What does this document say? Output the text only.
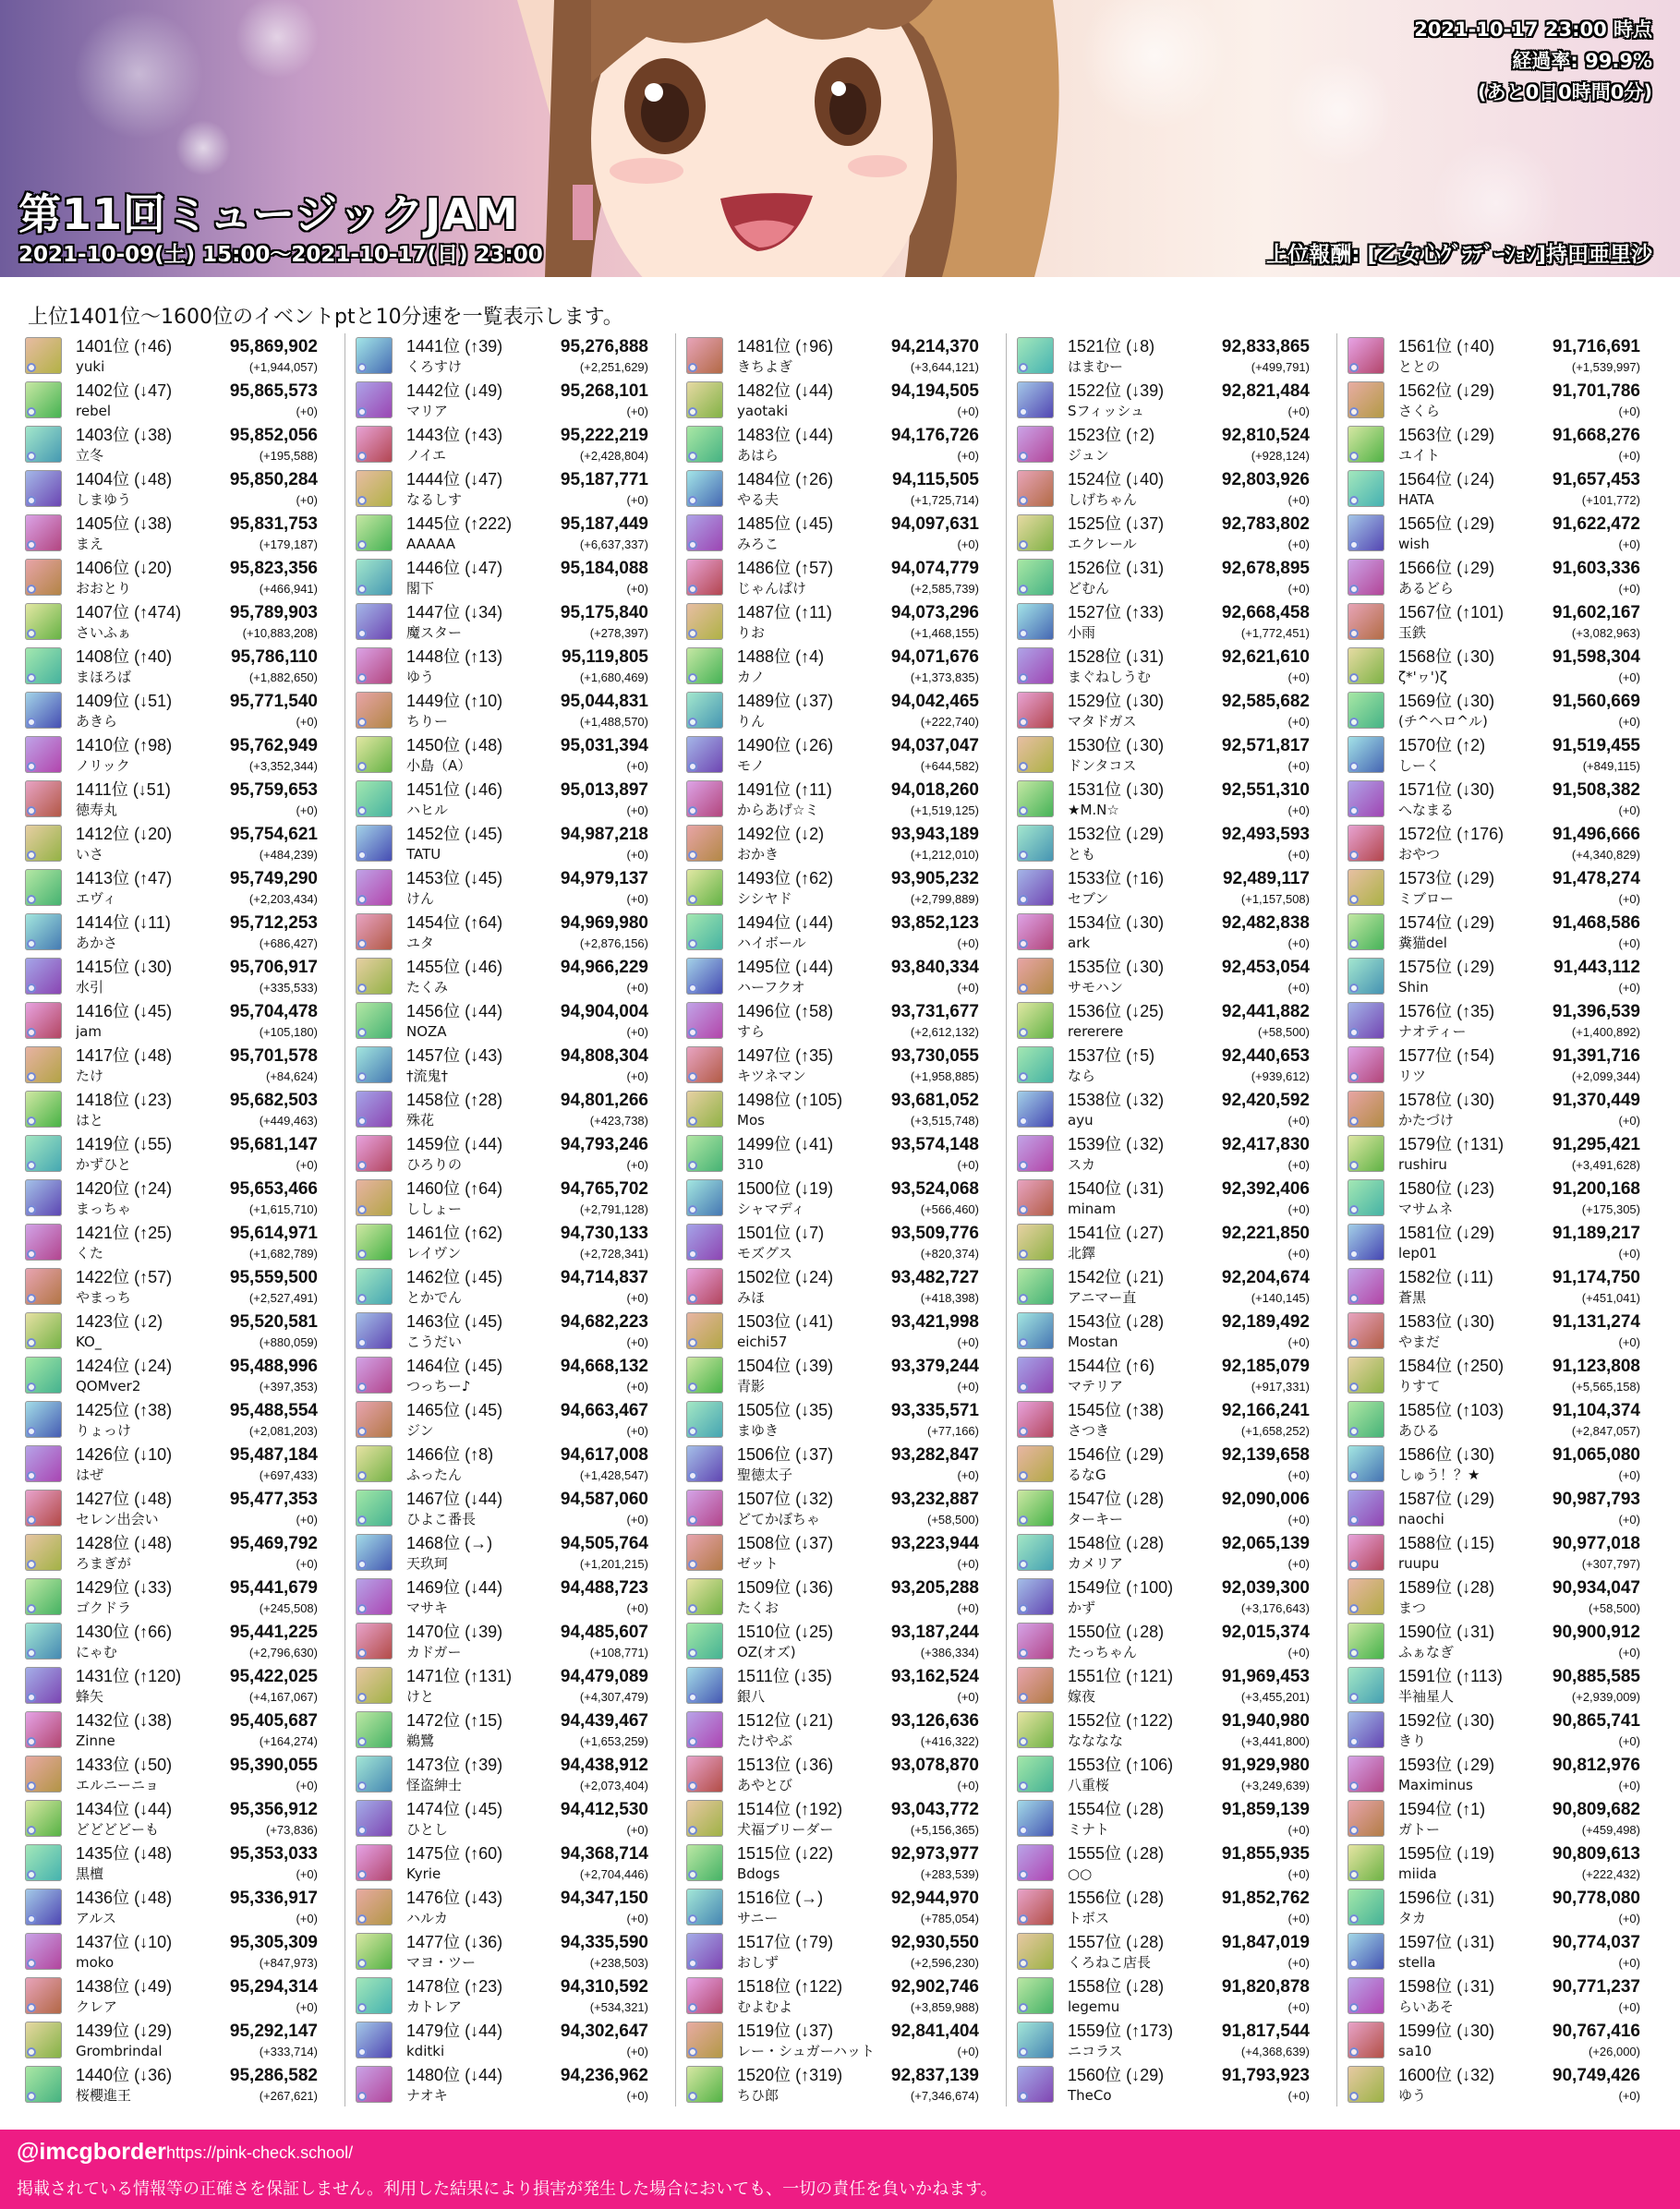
2021-10-17 23:00 時点
経過率: 99.9%
(あと0日0時間0分)
第11回ミュージックJAM
2021-10-09(土) 15:00～2021-10-17(日) 23:00	上位報酬: [乙女心ｸﾞﾗﾃﾞｰｼｮﾝ]持田亜里沙
上位1401位～1600位のイベントptと10分速を一覧表示します。
1401位 (↑46)	95,869,902
yuki	(+1,944,057)
1402位 (↓47)	95,865,573
rebel	(+0)
1403位 (↓38)	95,852,056
立冬	(+195,588)
1404位 (↓48)	95,850,284
しまゆう	(+0)
1405位 (↓38)	95,831,753
まえ	(+179,187)
1406位 (↓20)	95,823,356
おおとり	(+466,941)
1407位 (↑474)	95,789,903
さいふぁ	(+10,883,208)
1408位 (↑40)	95,786,110
まほろば	(+1,882,650)
1409位 (↓51)	95,771,540
あきら	(+0)
1410位 (↑98)	95,762,949
ノリック	(+3,352,344)
1411位 (↓51)	95,759,653
徳寿丸	(+0)
1412位 (↓20)	95,754,621
いさ	(+484,239)
1413位 (↑47)	95,749,290
エヴィ	(+2,203,434)
1414位 (↓11)	95,712,253
あかさ	(+686,427)
1415位 (↓30)	95,706,917
水引	(+335,533)
1416位 (↓45)	95,704,478
jam	(+105,180)
1417位 (↓48)	95,701,578
たけ	(+84,624)
1418位 (↓23)	95,682,503
はと	(+449,463)
1419位 (↓55)	95,681,147
かずひと	(+0)
1420位 (↑24)	95,653,466
まっちゃ	(+1,615,710)
1421位 (↑25)	95,614,971
くた	(+1,682,789)
1422位 (↑57)	95,559,500
やまっち	(+2,527,491)
1423位 (↓2)	95,520,581
KO_	(+880,059)
1424位 (↓24)	95,488,996
QOMver2	(+397,353)
1425位 (↑38)	95,488,554
りょっけ	(+2,081,203)
1426位 (↓10)	95,487,184
はぜ	(+697,433)
1427位 (↓48)	95,477,353
セレン出会い	(+0)
1428位 (↓48)	95,469,792
ろまぎが	(+0)
1429位 (↓33)	95,441,679
ゴクドラ	(+245,508)
1430位 (↑66)	95,441,225
にゃむ	(+2,796,630)
1431位 (↑120)	95,422,025
蜂矢	(+4,167,067)
1432位 (↓38)	95,405,687
Zinne	(+164,274)
1433位 (↓50)	95,390,055
エルニーニョ	(+0)
1434位 (↓44)	95,356,912
どどどどーも	(+73,836)
1435位 (↓48)	95,353,033
黒檀	(+0)
1436位 (↓48)	95,336,917
アルス	(+0)
1437位 (↓10)	95,305,309
moko	(+847,973)
1438位 (↓49)	95,294,314
クレア	(+0)
1439位 (↓29)	95,292,147
Grombrindal	(+333,714)
1440位 (↓36)	95,286,582
桜櫻進王	(+267,621)
1441位 (↑39)	95,276,888
くろすけ	(+2,251,629)
1442位 (↓49)	95,268,101
マリア	(+0)
1443位 (↑43)	95,222,219
ノイエ	(+2,428,804)
1444位 (↓47)	95,187,771
なるしす	(+0)
1445位 (↑222)	95,187,449
AAAAA	(+6,637,337)
1446位 (↓47)	95,184,088
閣下	(+0)
1447位 (↓34)	95,175,840
魔スター	(+278,397)
1448位 (↑13)	95,119,805
ゆう	(+1,680,469)
1449位 (↑10)	95,044,831
ちりー	(+1,488,570)
1450位 (↓48)	95,031,394
小島（A）	(+0)
1451位 (↓46)	95,013,897
ハヒル	(+0)
1452位 (↓45)	94,987,218
TATU	(+0)
1453位 (↓45)	94,979,137
けん	(+0)
1454位 (↑64)	94,969,980
ユタ	(+2,876,156)
1455位 (↓46)	94,966,229
たくみ	(+0)
1456位 (↓44)	94,904,004
NOZA	(+0)
1457位 (↓43)	94,808,304
†流鬼†	(+0)
1458位 (↑28)	94,801,266
殊花	(+423,738)
1459位 (↓44)	94,793,246
ひろりの	(+0)
1460位 (↑64)	94,765,702
ししょー	(+2,791,128)
1461位 (↑62)	94,730,133
レイヴン	(+2,728,341)
1462位 (↓45)	94,714,837
とかでん	(+0)
1463位 (↓45)	94,682,223
こうだい	(+0)
1464位 (↓45)	94,668,132
つっちー♪	(+0)
1465位 (↓45)	94,663,467
ジン	(+0)
1466位 (↑8)	94,617,008
ふったん	(+1,428,547)
1467位 (↓44)	94,587,060
ひよこ番長	(+0)
1468位 (→)	94,505,764
天玖珂	(+1,201,215)
1469位 (↓44)	94,488,723
マサキ	(+0)
1470位 (↓39)	94,485,607
カドガー	(+108,771)
1471位 (↑131)	94,479,089
けと	(+4,307,479)
1472位 (↑15)	94,439,467
鵜鷺	(+1,653,259)
1473位 (↑39)	94,438,912
怪盗紳士	(+2,073,404)
1474位 (↓45)	94,412,530
ひとし	(+0)
1475位 (↑60)	94,368,714
Kyrie	(+2,704,446)
1476位 (↓43)	94,347,150
ハルカ	(+0)
1477位 (↓36)	94,335,590
マヨ・ツー	(+238,503)
1478位 (↑23)	94,310,592
カトレア	(+534,321)
1479位 (↓44)	94,302,647
kditki	(+0)
1480位 (↓44)	94,236,962
ナオキ	(+0)
1481位 (↑96)	94,214,370
きちよぎ	(+3,644,121)
1482位 (↓44)	94,194,505
yaotaki	(+0)
1483位 (↓44)	94,176,726
あはら	(+0)
1484位 (↑26)	94,115,505
やる夫	(+1,725,714)
1485位 (↓45)	94,097,631
みろこ	(+0)
1486位 (↑57)	94,074,779
じゃんぱけ	(+2,585,739)
1487位 (↑11)	94,073,296
りお	(+1,468,155)
1488位 (↑4)	94,071,676
カノ	(+1,373,835)
1489位 (↓37)	94,042,465
りん	(+222,740)
1490位 (↓26)	94,037,047
モノ	(+644,582)
1491位 (↑11)	94,018,260
からあげ☆ミ	(+1,519,125)
1492位 (↓2)	93,943,189
おかき	(+1,212,010)
1493位 (↑62)	93,905,232
シシヤド	(+2,799,889)
1494位 (↓44)	93,852,123
ハイボール	(+0)
1495位 (↓44)	93,840,334
ハーフクオ	(+0)
1496位 (↑58)	93,731,677
すら	(+2,612,132)
1497位 (↑35)	93,730,055
キツネマン	(+1,958,885)
1498位 (↑105)	93,681,052
Mos	(+3,515,748)
1499位 (↓41)	93,574,148
310	(+0)
1500位 (↓19)	93,524,068
シャマディ	(+566,460)
1501位 (↓7)	93,509,776
モズグス	(+820,374)
1502位 (↓24)	93,482,727
みほ	(+418,398)
1503位 (↓41)	93,421,998
eichi57	(+0)
1504位 (↓39)	93,379,244
青影	(+0)
1505位 (↓35)	93,335,571
まゆき	(+77,166)
1506位 (↓37)	93,282,847
聖徳太子	(+0)
1507位 (↓32)	93,232,887
どてかぼちゃ	(+58,500)
1508位 (↓37)	93,223,944
ゼット	(+0)
1509位 (↓36)	93,205,288
たくお	(+0)
1510位 (↓25)	93,187,244
OZ(オズ)	(+386,334)
1511位 (↓35)	93,162,524
銀八	(+0)
1512位 (↓21)	93,126,636
たけやぶ	(+416,322)
1513位 (↓36)	93,078,870
あやとび	(+0)
1514位 (↑192)	93,043,772
犬福ブリーダー	(+5,156,365)
1515位 (↓22)	92,973,977
Bdogs	(+283,539)
1516位 (→)	92,944,970
サニー	(+785,054)
1517位 (↑79)	92,930,550
おしず	(+2,596,230)
1518位 (↑122)	92,902,746
むよむよ	(+3,859,988)
1519位 (↓37)	92,841,404
レー・シュガーハット	(+0)
1520位 (↑319)	92,837,139
ちひ郎	(+7,346,674)
1521位 (↓8)	92,833,865
はまむー	(+499,791)
1522位 (↓39)	92,821,484
Sフィッシュ	(+0)
1523位 (↑2)	92,810,524
ジュン	(+928,124)
1524位 (↓40)	92,803,926
しげちゃん	(+0)
1525位 (↓37)	92,783,802
エクレール	(+0)
1526位 (↓31)	92,678,895
どむん	(+0)
1527位 (↑33)	92,668,458
小雨	(+1,772,451)
1528位 (↓31)	92,621,610
まぐねしうむ	(+0)
1529位 (↓30)	92,585,682
マタドガス	(+0)
1530位 (↓30)	92,571,817
ドンタコス	(+0)
1531位 (↓30)	92,551,310
★M.N☆	(+0)
1532位 (↓29)	92,493,593
とも	(+0)
1533位 (↑16)	92,489,117
セブン	(+1,157,508)
1534位 (↓30)	92,482,838
ark	(+0)
1535位 (↓30)	92,453,054
サモハン	(+0)
1536位 (↓25)	92,441,882
rererere	(+58,500)
1537位 (↑5)	92,440,653
なら	(+939,612)
1538位 (↓32)	92,420,592
ayu	(+0)
1539位 (↓32)	92,417,830
スカ	(+0)
1540位 (↓31)	92,392,406
minam	(+0)
1541位 (↓27)	92,221,850
北鐸	(+0)
1542位 (↓21)	92,204,674
アニマー直	(+140,145)
1543位 (↓28)	92,189,492
Mostan	(+0)
1544位 (↑6)	92,185,079
マテリア	(+917,331)
1545位 (↑38)	92,166,241
さつき	(+1,658,252)
1546位 (↓29)	92,139,658
るなG	(+0)
1547位 (↓28)	92,090,006
ターキー	(+0)
1548位 (↓28)	92,065,139
カメリア	(+0)
1549位 (↑100)	92,039,300
かず	(+3,176,643)
1550位 (↓28)	92,015,374
たっちゃん	(+0)
1551位 (↑121)	91,969,453
嫁夜	(+3,455,201)
1552位 (↑122)	91,940,980
なななな	(+3,441,800)
1553位 (↑106)	91,929,980
八重桜	(+3,249,639)
1554位 (↓28)	91,859,139
ミナト	(+0)
1555位 (↓28)	91,855,935
○○	(+0)
1556位 (↓28)	91,852,762
トボス	(+0)
1557位 (↓28)	91,847,019
くろねこ店長	(+0)
1558位 (↓28)	91,820,878
legemu	(+0)
1559位 (↑173)	91,817,544
ニコラス	(+4,368,639)
1560位 (↓29)	91,793,923
TheCo	(+0)
1561位 (↑40)	91,716,691
ととの	(+1,539,997)
1562位 (↓29)	91,701,786
さくら	(+0)
1563位 (↓29)	91,668,276
ユイト	(+0)
1564位 (↓24)	91,657,453
HATA	(+101,772)
1565位 (↓29)	91,622,472
wish	(+0)
1566位 (↓29)	91,603,336
あるどら	(+0)
1567位 (↑101)	91,602,167
玉鉄	(+3,082,963)
1568位 (↓30)	91,598,304
ζ*'ヮ')ζ	(+0)
1569位 (↓30)	91,560,669
(チ^ヘロ^ル)	(+0)
1570位 (↑2)	91,519,455
しーく	(+849,115)
1571位 (↓30)	91,508,382
へなまる	(+0)
1572位 (↑176)	91,496,666
おやつ	(+4,340,829)
1573位 (↓29)	91,478,274
ミブロー	(+0)
1574位 (↓29)	91,468,586
糞猫del	(+0)
1575位 (↓29)	91,443,112
Shin	(+0)
1576位 (↑35)	91,396,539
ナオティー	(+1,400,892)
1577位 (↑54)	91,391,716
リツ	(+2,099,344)
1578位 (↓30)	91,370,449
かたづけ	(+0)
1579位 (↑131)	91,295,421
rushiru	(+3,491,628)
1580位 (↓23)	91,200,168
マサムネ	(+175,305)
1581位 (↓29)	91,189,217
lep01	(+0)
1582位 (↓11)	91,174,750
蒼黒	(+451,041)
1583位 (↓30)	91,131,274
やまだ	(+0)
1584位 (↑250)	91,123,808
りすて	(+5,565,158)
1585位 (↑103)	91,104,374
あひる	(+2,847,057)
1586位 (↓30)	91,065,080
しゅう！？★	(+0)
1587位 (↓29)	90,987,793
naochi	(+0)
1588位 (↓15)	90,977,018
ruupu	(+307,797)
1589位 (↓28)	90,934,047
まつ	(+58,500)
1590位 (↓31)	90,900,912
ふぁなぎ	(+0)
1591位 (↑113)	90,885,585
半袖星人	(+2,939,009)
1592位 (↓30)	90,865,741
きり	(+0)
1593位 (↓29)	90,812,976
Maximinus	(+0)
1594位 (↑1)	90,809,682
ガトー	(+459,498)
1595位 (↓19)	90,809,613
miida	(+222,432)
1596位 (↓31)	90,778,080
タカ	(+0)
1597位 (↓31)	90,774,037
stella	(+0)
1598位 (↓31)	90,771,237
らいあそ	(+0)
1599位 (↓30)	90,767,416
sa10	(+26,000)
1600位 (↓32)	90,749,426
ゆう	(+0)
@imcgborder https://pink-check.school/
掲載されている情報等の正確さを保証しません。利用した結果により損害が発生した場合においても、一切の責任を負いかねます。
